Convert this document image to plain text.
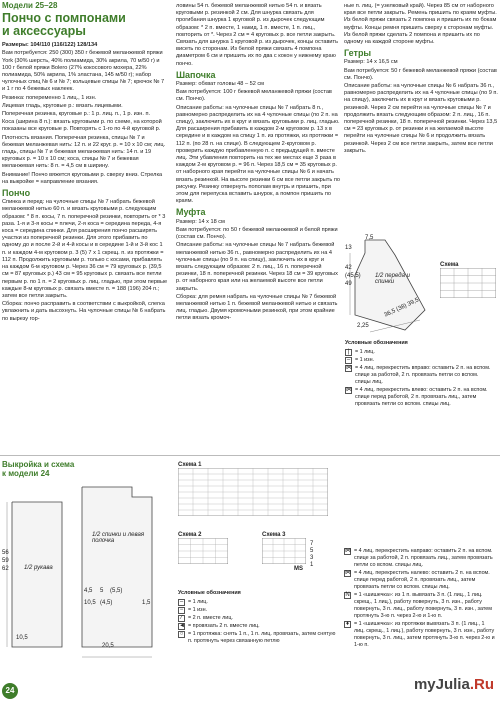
Модели 25–28
Пончо с помпонами
и аксессуары

Размеры: 104/110 (116/122) 128/134

Вам потребуется: 250 (300) 350 г бежевой меланжевой пряжи York (30% шерсть, 40% полиамида, 30% акрила, 70 м/50 г) и 100 г белой пряжи Bolero (27% кокосового мохера, 22% полиамида, 50% акрила, 1% эластана, 145 м/50 г); набор чулочных спиц № 6 и № 7; кольцевые спицы № 7; крючок № 7 и 1 г по 4 бежевых наклеек.

Резинка: попеременно 1 лиц., 1 изн.

Лицевая гладь, круговые р.: вязать лицевыми.

Поперечная резинка, круговые р.: 1 р. лиц. п., 1 р. изн. п.

Коса (ширина 8 п.): вязать круговыми р. по схеме, на которой показаны все круговые р. Повторять с 1-го по 4-й круговой р.

Плотность вязания. Поперечная резинка, спицы № 7 и бежевая меланжевая нить: 12 п. и 22 круг. р. = 10 х 10 см; лиц. гладь, спицы № 7 и бежевая меланжевая нить: 14 п. и 19 круговых р. = 10 х 10 см; коса, спицы № 7 и бежевая меланжевая нить: 8 п. = 4,5 см в ширину.

Внимание! Пончо вяжется круговыми р. сверху вниз. Стрелка на выкройке = направление вязания.

Пончо

Спинка и перед: на чулочные спицы № 7 набрать бежевой меланжевой нитью 60 п. и вязать круговыми р. следующим образом: * 8 п. косы, 7 п. поперечной резинки, повторить от * 3 раза. 1-я и 3-я косы = плечи, 2-я коса = середина переда, 4-я коса = середина спинки. Для расширения пончо расширять участки из поперечной резинки. Для этого прибавить по одному до и после 2-й и 4-й косы и в середине 1-й и 3-й кос 1 п. и каждом 4-м круговом р. 3 (5) 7 х 1 скрещ. п. из протяжки = 112 п. Продолжить круговыми р. только с косами, прибавлять на каждом 6-м круговом р. Через 36 см = 79 круговых р. (39,5 см = 87 круговых р.) 43 см = 95 круговых р. связать все петли первым р. по 1 п. = 2 круговых р. лиц. гладью, при этом первые каждые 8-м круговых р. связать вместе п. = 188 (196) 204 п.; затем все петли закрыть.

Сборка: пончо расправить в соответствии с выкройкой, слегка увлажнить и дать высохнуть. На чулочные спицы № 6 набрать по вырезу гор-

ловины 54 п. бежевой меланжевой нитью 54 п. и вязать круговыми р. резинкой 2 см. Для шнурка связать для прогибания шнурка 1 круговой р. из дырочек следующим образом: * 2 п. вместе, 1 накид, 1 п. вместе, 1 п. лиц., повторить от *. Через 2 см = 4 круговых р. все петли закрыть. Связать для шнурка 1 круговой р. из дырочек, концы оставить висеть по сторонам. Из белой пряжи связать 4 помпона диаметром 6 см и пришить их по два с кокон у нижнему краю пончо.

Шапочка

Размер: обхват головы 48 – 52 см

Вам потребуется: 100 г бежевой меланжевой пряжи (состав см. Пончо).

Описание работы: на чулочные спицы № 7 набрать 8 п., равномерно распределить их на 4 чулочные спицы (по 2 п. на спицу), заключить их в круг и вязать круговыми р. лиц. гладью. Для расширения прибавить в каждом 2-м круговом р. 13 х в середине и в каждом на спицу 1 п. из протяжки, из протяжки = 112 п. (по 28 п. на спице). В следующем 2-круговом р. проверить каждую прибавленную п. с предыдущей п. вместе лиц. Эти убавления повторить на тех же местах еще 3 раза в каждом 2-м круговом р. = 96 п. Через 18,5 см = 35 круговых р. от наборного края перейти на чулочные спицы № 6 и начать вязать резинкой. На высоте резинки 6 см все петли закрыть по рисунку. Резинку отвернуть пополам внутрь и пришить, при этом для перепуска вставить шнурок, а помпон пришить по краям.

Муфта

Размер: 14 х 18 см

Вам потребуется: по 50 г бежевой меланжевой и белой пряжи (состав см. Пончо).

Описание работы: на чулочные спицы № 7 набрать бежевой меланжевой нитью 36 п., равномерно распределить их на 4 чулочные спицы (по 9 п. на спицу), заключить их в круг и вязать следующим образом: 2 п. лиц., 16 п. поперечной резинки, 18 п. поперечной резинки. Через 18 см = 39 круговых р. от наборного края или на желаемой высоте все петли закрыть.

Сборка: для ремня набрать на чулочные спицы № 7 бежевой меланжевой нитью 1 п. бежевой меланжевой нитью и связать лиц. гладью. Двумя кромочными резинкой, при этом крайние петли вязать кромоч-

ные п. лиц. (= узелковый край). Через 85 см от наборного края все петли закрыть. Ремень пришить по краям муфты. Из белой пряжи связать 2 помпона и пришить их по бокам муфты. Концы ремня пришить сверху к сторонам муфты. Из белой пряжи сделать 2 помпона и пришить их по одному на каждой стороне муфты.

Гетры

Размер: 14 х 16,5 см

Вам потребуется: 50 г бежевой меланжевой пряжи (состав см. Пончо).

Описание работы: на чулочные спицы № 6 набрать 36 п., равномерно распределить их на 4 чулочные спицы (по 9 п. на спицу), заключить их в круг и вязать круговыми р. резинкой. Через 2 см перейти на чулочные спицы № 7 и продолжить вязать следующим образом: 2 п. лиц., 16 п. поперечной резинки, 18 п. поперечной резинки. Через 13,5 см = 23 круговых р. от резинки и на желаемой высоте перейти на чулочные спицы № 6 и продолжить вязать резинкой. Через 2 см все петли закрыть, затем все петли закрыть.

7,5
13
42
(45,5)
49
1/2 переда и спинки
36,5 (38) 39,5
2,25
Схема
Условные обозначения
|	= 1 лиц.
– = 1 изн.
⋈ = 4 лиц. перекрестить вправо: оставить 2 п. на вспом. спице за работой, 2 п. провязать петли со вспом. спицы лиц.
⋈ = 4 лиц. перекрестить влево: оставить 2 п. на вспом. спице перед работой, 2 п. провязать лиц., затем провязать петли со вспом. спицы лиц.
Выкройка и схема
к модели 24
1/2 рукава
1/2 спинки и левая полочка
10,5
56
59
62
4,5 5 (5,5)
10,5 (4,5)	1,5
20,5
Схема 1
Схема 2	Схема 3
7
5
3
1
MS
Условные обозначения
– = 1 лиц.
− = 1 изн.
∕	= 2 п. вместе лиц.
◄ = провязать 2 п. вместе лиц.
○ = 1 протяжка: снять 1 п., 1 п. лиц. провязать, затем снятую п. протянуть через связанную петлю
⋈ = 4 лиц. перекрестить направо: оставить 2 п. на вспом. спице за работой, 2 п. провязать лиц., затем провязать петли со вспом. спицы лиц.
⋈ = 4 лиц. перекрестить налево: оставить 2 п. на вспом. спице перед работой, 2 п. провязать лиц., затем провязать петли со вспом. спицы лиц.
N = 1 «шишечка»: из 1 п. вывязать 3 п. (1 лиц., 1 лиц. скрещ., 1 лиц.), работу повернуть, 3 п. изн., работу повернуть, 3 п. лиц., работу повернуть, 3 п. изн., затем протянуть 3-ю п. через 2-ю и 1-ю п.
♦ = 1 «шишечка»: из протяжки вывязать 3 п. (1 лиц., 1 лиц. скрещ., 1 лиц.), работу повернуть, 3 п. изн., работу повернуть, 3 п. лиц., затем протянуть 3-ю п. через 2-ю и 1-ю п.
24	myJulia.Ru
